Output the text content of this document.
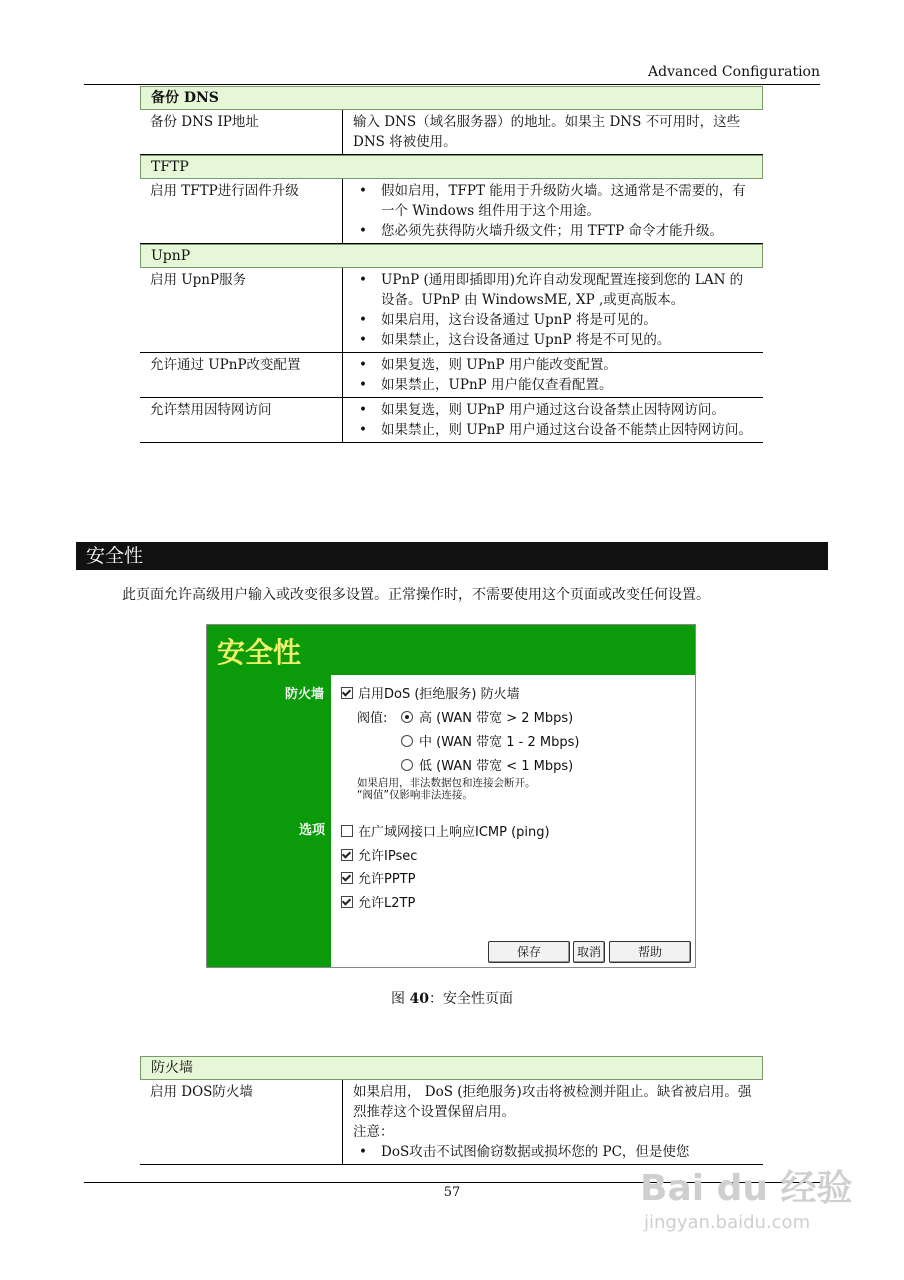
Advanced Configuration
备份 DNS
备份 DNS IP地址	输入 DNS（域名服务器）的地址。如果主 DNS 不可用时，这些 DNS 将被使用。
TFTP
启用 TFTP进行固件升级	• 假如启用，TFPT 能用于升级防火墙。这通常是不需要的，有一个 Windows 组件用于这个用途。
• 您必须先获得防火墙升级文件；用 TFTP 命令才能升级。
UpnP
启用 UpnP服务	• UPnP (通用即插即用)允许自动发现配置连接到您的 LAN 的设备。UPnP 由 WindowsME, XP ,或更高版本。
• 如果启用，这台设备通过 UpnP 将是可见的。
• 如果禁止，这台设备通过 UpnP 将是不可见的。
允许通过 UPnP改变配置	• 如果复选，则 UPnP 用户能改变配置。
• 如果禁止，UPnP 用户能仅查看配置。
允许禁用因特网访问	• 如果复选，则 UPnP 用户通过这台设备禁止因特网访问。
• 如果禁止，则 UPnP 用户通过这台设备不能禁止因特网访问。
安全性
此页面允许高级用户输入或改变很多设置。正常操作时，不需要使用这个页面或改变任何设置。
安全性
防火墙
选项
启用DoS (拒绝服务) 防火墙
阀值:	高 (WAN 带宽 > 2 Mbps)
中 (WAN 带宽 1 - 2 Mbps)
低 (WAN 带宽 < 1 Mbps)
如果启用，非法数据包和连接会断开。
“阀值”仅影响非法连接。
在广域网接口上响应ICMP (ping)
允许IPsec
允许PPTP
允许L2TP
保存	取消	帮助
图 40：安全性页面
防火墙
启用 DOS防火墙	如果启用， DoS (拒绝服务)攻击将被检测并阻止。缺省被启用。强烈推荐这个设置保留启用。
注意：
• DoS攻击不试图偷窃数据或损坏您的 PC，但是使您
57	Bai du 经验
jingyan.baidu.com
